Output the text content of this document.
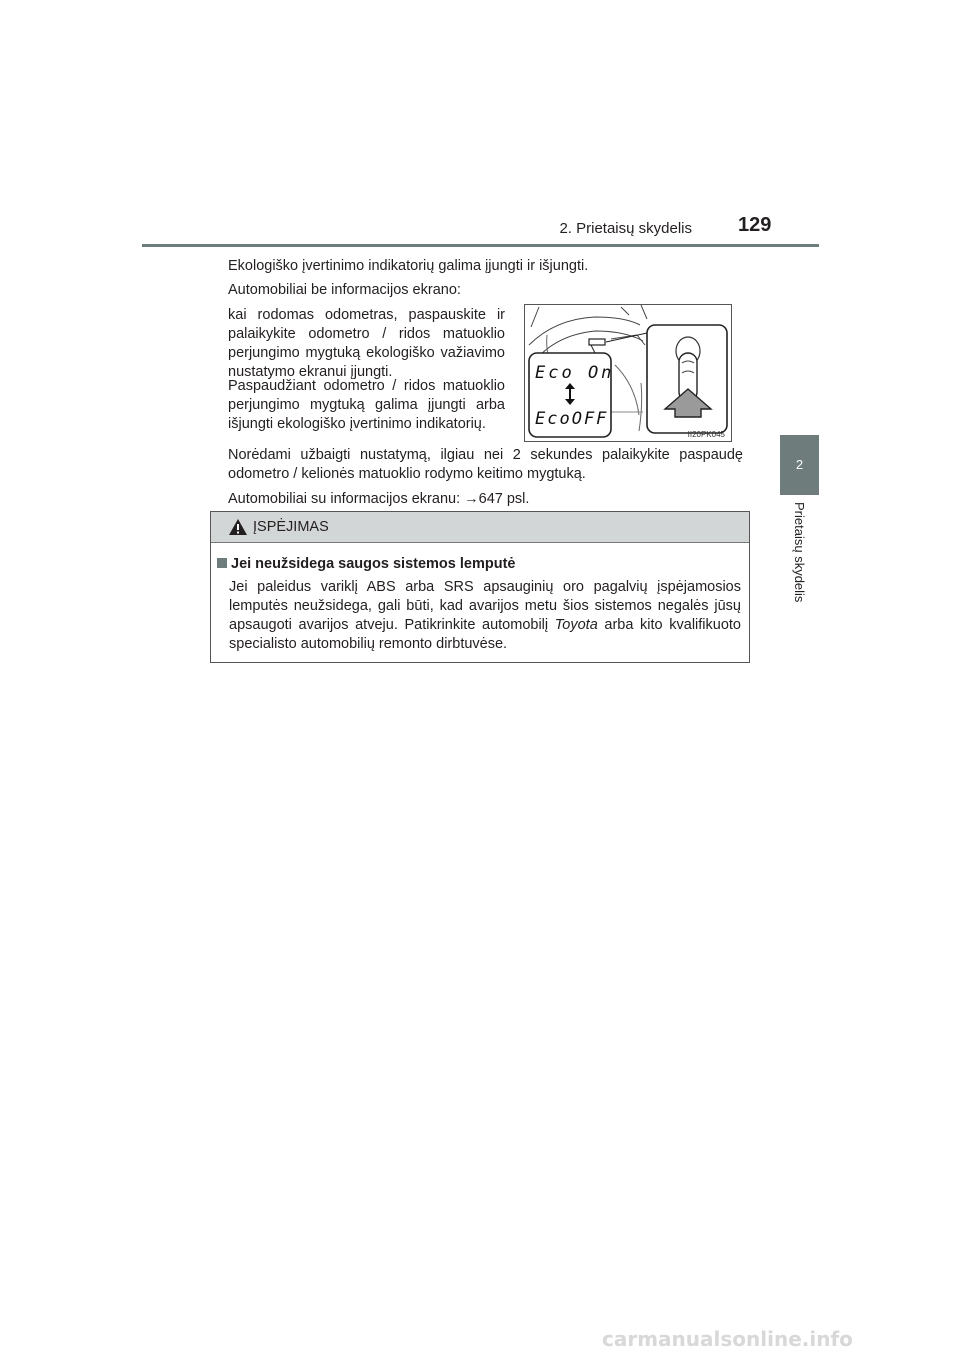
2. Prietaisų skydelis 129
2
Prietaisų skydelis
Ekologiško įvertinimo indikatorių galima įjungti ir išjungti.
Automobiliai be informacijos ekrano:
kai rodomas odometras, paspauskite ir palaikykite odometro / ridos matuoklio perjungimo mygtuką ekologiško važiavimo nustatymo ekranui įjungti.
Paspaudžiant odometro / ridos matuoklio perjungimo mygtuką galima įjungti arba išjungti ekologiško įvertinimo indikatorių.
Eco On
EcoOFF
II20PK045
Norėdami užbaigti nustatymą, ilgiau nei 2 sekundes palaikykite paspaudę odometro / kelionės matuoklio rodymo keitimo mygtuką.
Automobiliai su informacijos ekranu: →647 psl.
ĮSPĖJIMAS
Jei neužsidega saugos sistemos lemputė
Jei paleidus variklį ABS arba SRS apsauginių oro pagalvių įspėjamosios lemputės neužsidega, gali būti, kad avarijos metu šios sistemos negalės jūsų apsaugoti avarijos atveju. Patikrinkite automobilį Toyota arba kito kvalifikuoto specialisto automobilių remonto dirbtuvėse.
carmanualsonline.info
